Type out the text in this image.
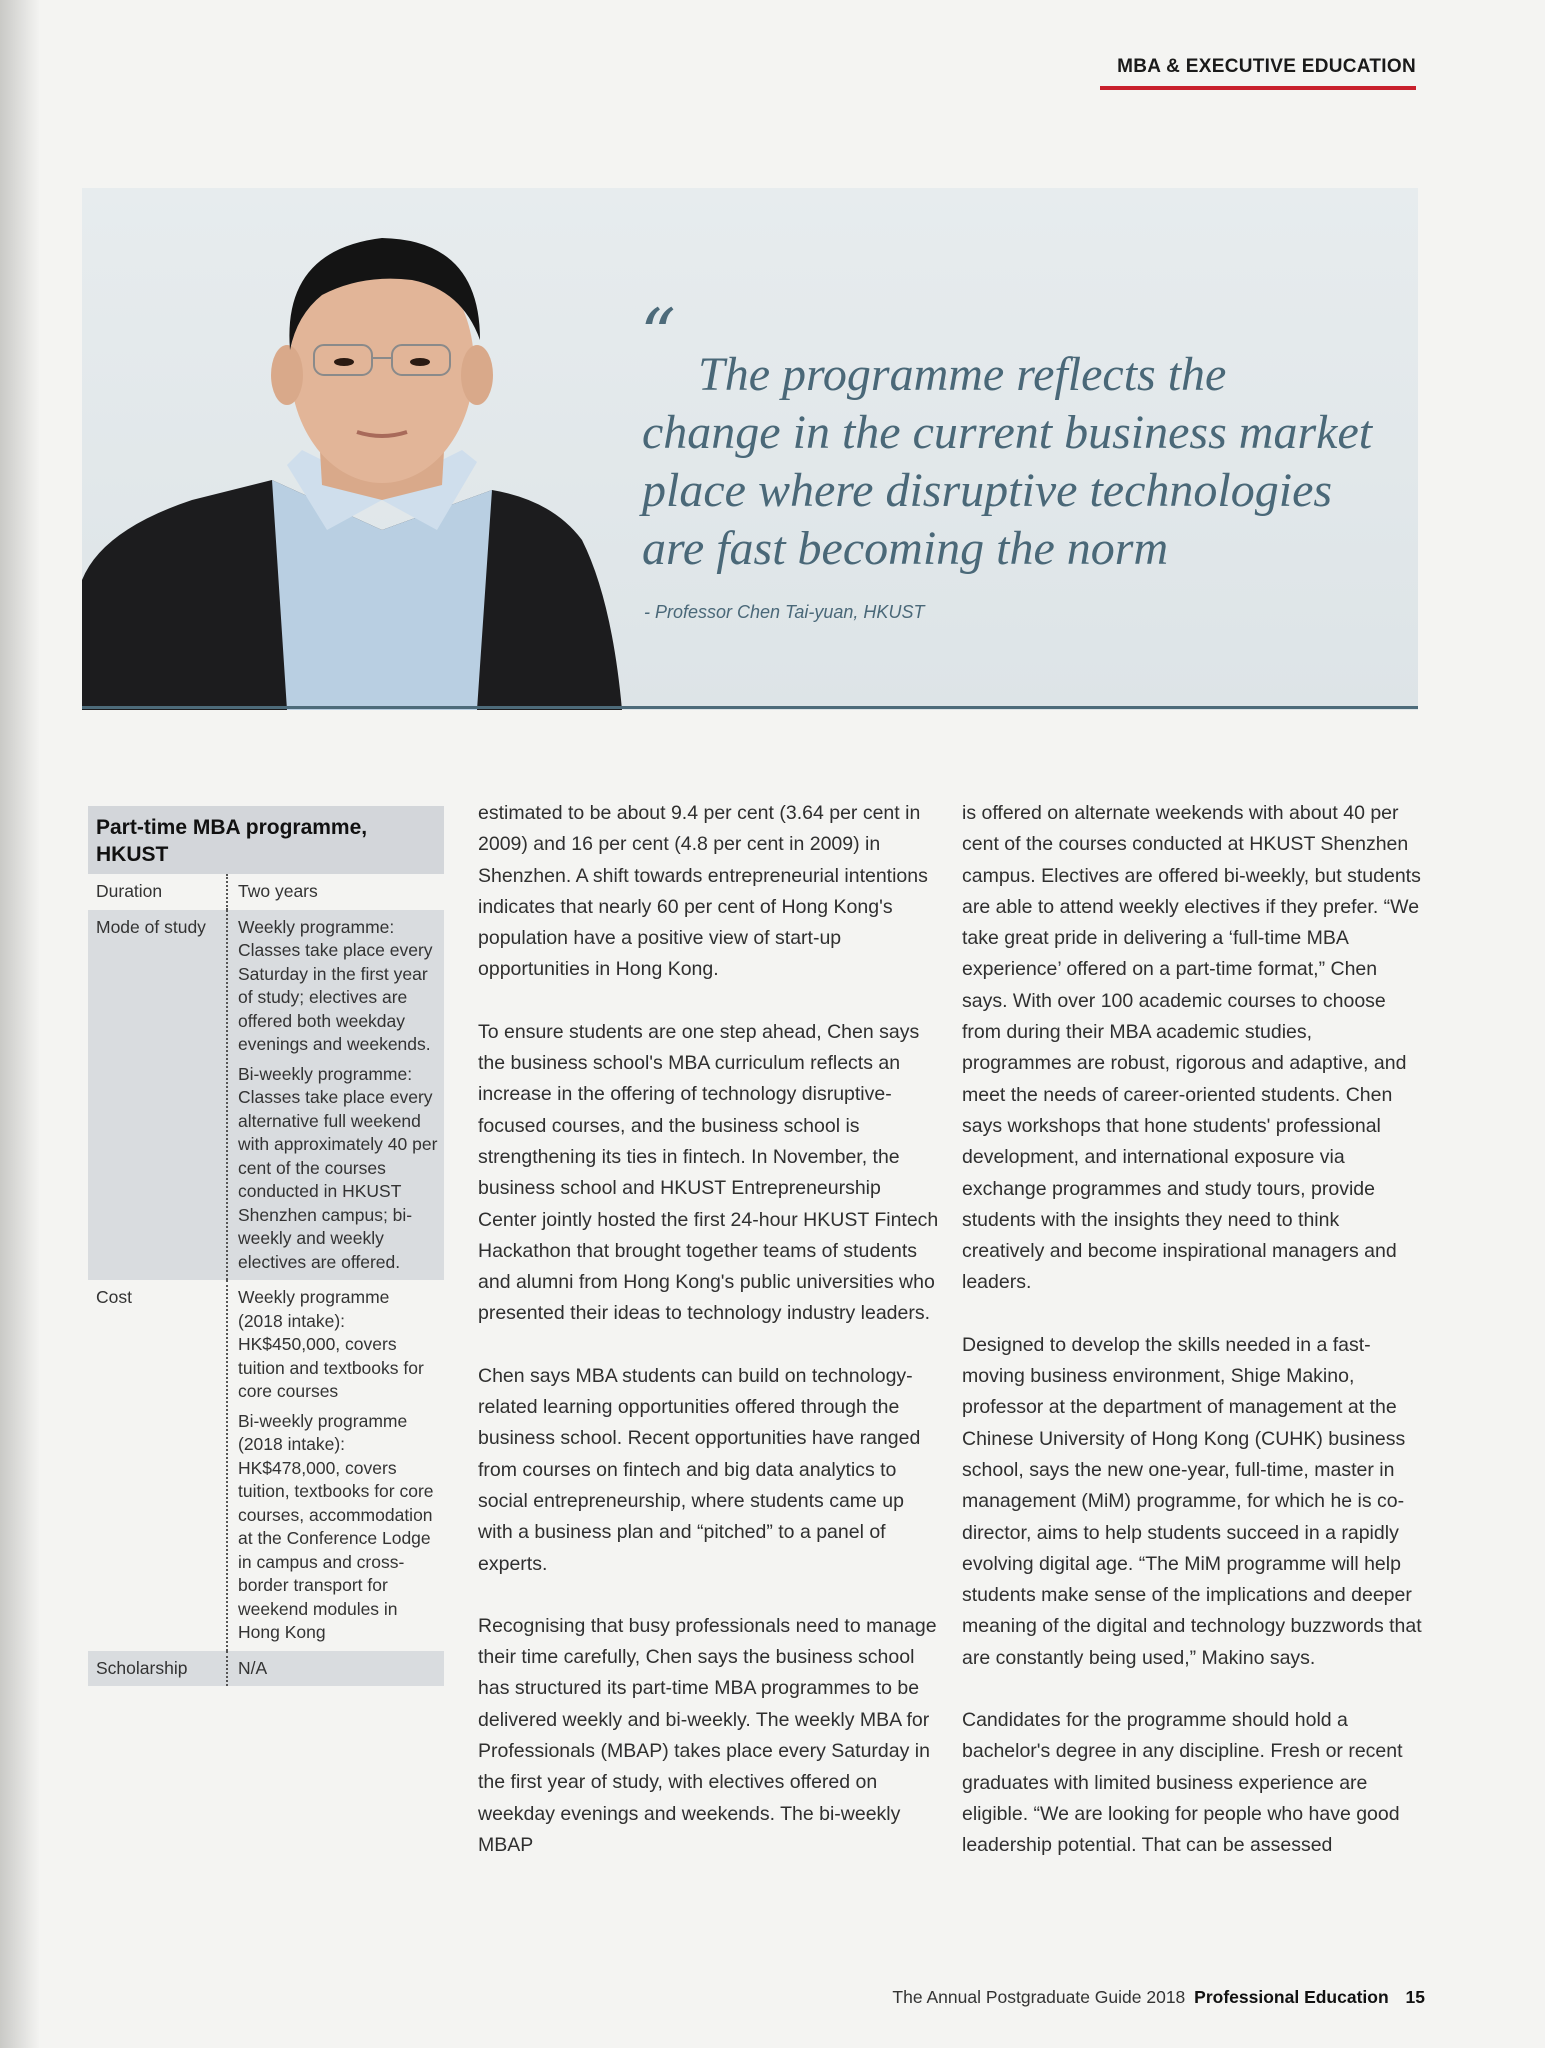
MBA & EXECUTIVE EDUCATION
“ The programme reflects the
change in the current business market
place where disruptive technologies
are fast becoming the norm
- Professor Chen Tai-yuan, HKUST
Part-time MBA programme, HKUST
Duration	Two years

Mode of study	Weekly programme: Classes take place every Saturday in the first year of study; electives are offered both weekday evenings and weekends.

Bi-weekly programme: Classes take place every alternative full weekend with approximately 40 per cent of the courses conducted in HKUST Shenzhen campus; bi-weekly and weekly electives are offered.

Cost	Weekly programme (2018 intake): HK$450,000, covers tuition and textbooks for core courses

Bi-weekly programme (2018 intake): HK$478,000, covers tuition, textbooks for core courses, accommodation at the Conference Lodge in campus and cross-border transport for weekend modules in Hong Kong

Scholarship	N/A

estimated to be about 9.4 per cent (3.64 per cent in 2009) and 16 per cent (4.8 per cent in 2009) in Shenzhen. A shift towards entrepreneurial intentions indicates that nearly 60 per cent of Hong Kong's population have a positive view of start-up opportunities in Hong Kong.

To ensure students are one step ahead, Chen says the business school's MBA curriculum reflects an increase in the offering of technology disruptive-focused courses, and the business school is strengthening its ties in fintech. In November, the business school and HKUST Entrepreneurship Center jointly hosted the first 24-hour HKUST Fintech Hackathon that brought together teams of students and alumni from Hong Kong's public universities who presented their ideas to technology industry leaders.

Chen says MBA students can build on technology-related learning opportunities offered through the business school. Recent opportunities have ranged from courses on fintech and big data analytics to social entrepreneurship, where students came up with a business plan and “pitched” to a panel of experts.

Recognising that busy professionals need to manage their time carefully, Chen says the business school has structured its part-time MBA programmes to be delivered weekly and bi-weekly. The weekly MBA for Professionals (MBAP) takes place every Saturday in the first year of study, with electives offered on weekday evenings and weekends. The bi-weekly MBAP

is offered on alternate weekends with about 40 per cent of the courses conducted at HKUST Shenzhen campus. Electives are offered bi-weekly, but students are able to attend weekly electives if they prefer. “We take great pride in delivering a ‘full-time MBA experience’ offered on a part-time format,” Chen says. With over 100 academic courses to choose from during their MBA academic studies, programmes are robust, rigorous and adaptive, and meet the needs of career-oriented students. Chen says workshops that hone students' professional development, and international exposure via exchange programmes and study tours, provide students with the insights they need to think creatively and become inspirational managers and leaders.

Designed to develop the skills needed in a fast-moving business environment, Shige Makino, professor at the department of management at the Chinese University of Hong Kong (CUHK) business school, says the new one-year, full-time, master in management (MiM) programme, for which he is co-director, aims to help students succeed in a rapidly evolving digital age. “The MiM programme will help students make sense of the implications and deeper meaning of the digital and technology buzzwords that are constantly being used,” Makino says.

Candidates for the programme should hold a bachelor's degree in any discipline. Fresh or recent graduates with limited business experience are eligible. “We are looking for people who have good leadership potential. That can be assessed

The Annual Postgraduate Guide 2018 Professional Education 15
